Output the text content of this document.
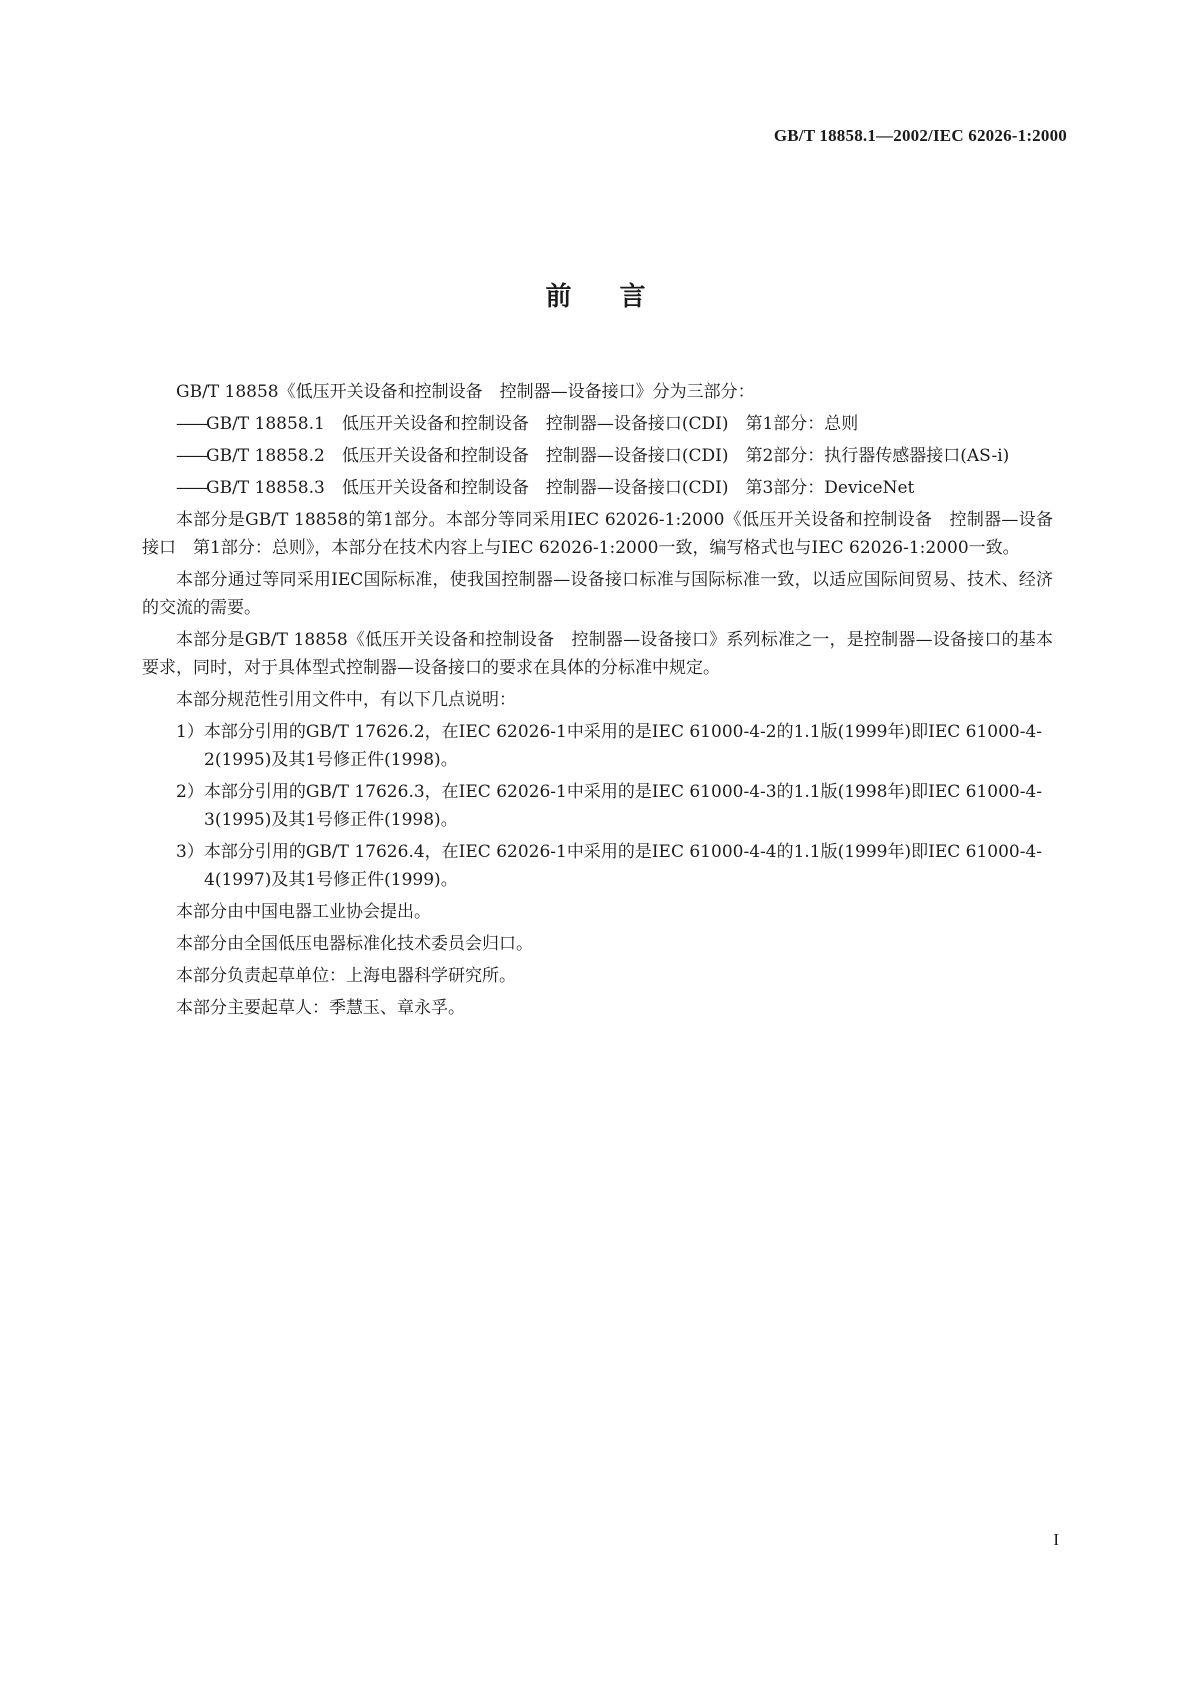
GB/T 18858.1—2002/IEC 62026-1:2000
前言
GB/T 18858《低压开关设备和控制设备　控制器—设备接口》分为三部分：
——GB/T 18858.1　低压开关设备和控制设备　控制器—设备接口(CDI)　第1部分：总则
——GB/T 18858.2　低压开关设备和控制设备　控制器—设备接口(CDI)　第2部分：执行器传感器接口(AS-i)
——GB/T 18858.3　低压开关设备和控制设备　控制器—设备接口(CDI)　第3部分：DeviceNet
本部分是GB/T 18858的第1部分。本部分等同采用IEC 62026-1:2000《低压开关设备和控制设备　控制器—设备接口　第1部分：总则》，本部分在技术内容上与IEC 62026-1:2000一致，编写格式也与IEC 62026-1:2000一致。
本部分通过等同采用IEC国际标准，使我国控制器—设备接口标准与国际标准一致，以适应国际间贸易、技术、经济的交流的需要。
本部分是GB/T 18858《低压开关设备和控制设备　控制器—设备接口》系列标准之一，是控制器—设备接口的基本要求，同时，对于具体型式控制器—设备接口的要求在具体的分标准中规定。
本部分规范性引用文件中，有以下几点说明：
1）本部分引用的GB/T 17626.2，在IEC 62026-1中采用的是IEC 61000-4-2的1.1版(1999年)即IEC 61000-4-2(1995)及其1号修正件(1998)。
2）本部分引用的GB/T 17626.3，在IEC 62026-1中采用的是IEC 61000-4-3的1.1版(1998年)即IEC 61000-4-3(1995)及其1号修正件(1998)。
3）本部分引用的GB/T 17626.4，在IEC 62026-1中采用的是IEC 61000-4-4的1.1版(1999年)即IEC 61000-4-4(1997)及其1号修正件(1999)。
本部分由中国电器工业协会提出。
本部分由全国低压电器标准化技术委员会归口。
本部分负责起草单位：上海电器科学研究所。
本部分主要起草人：季慧玉、章永孚。
I
